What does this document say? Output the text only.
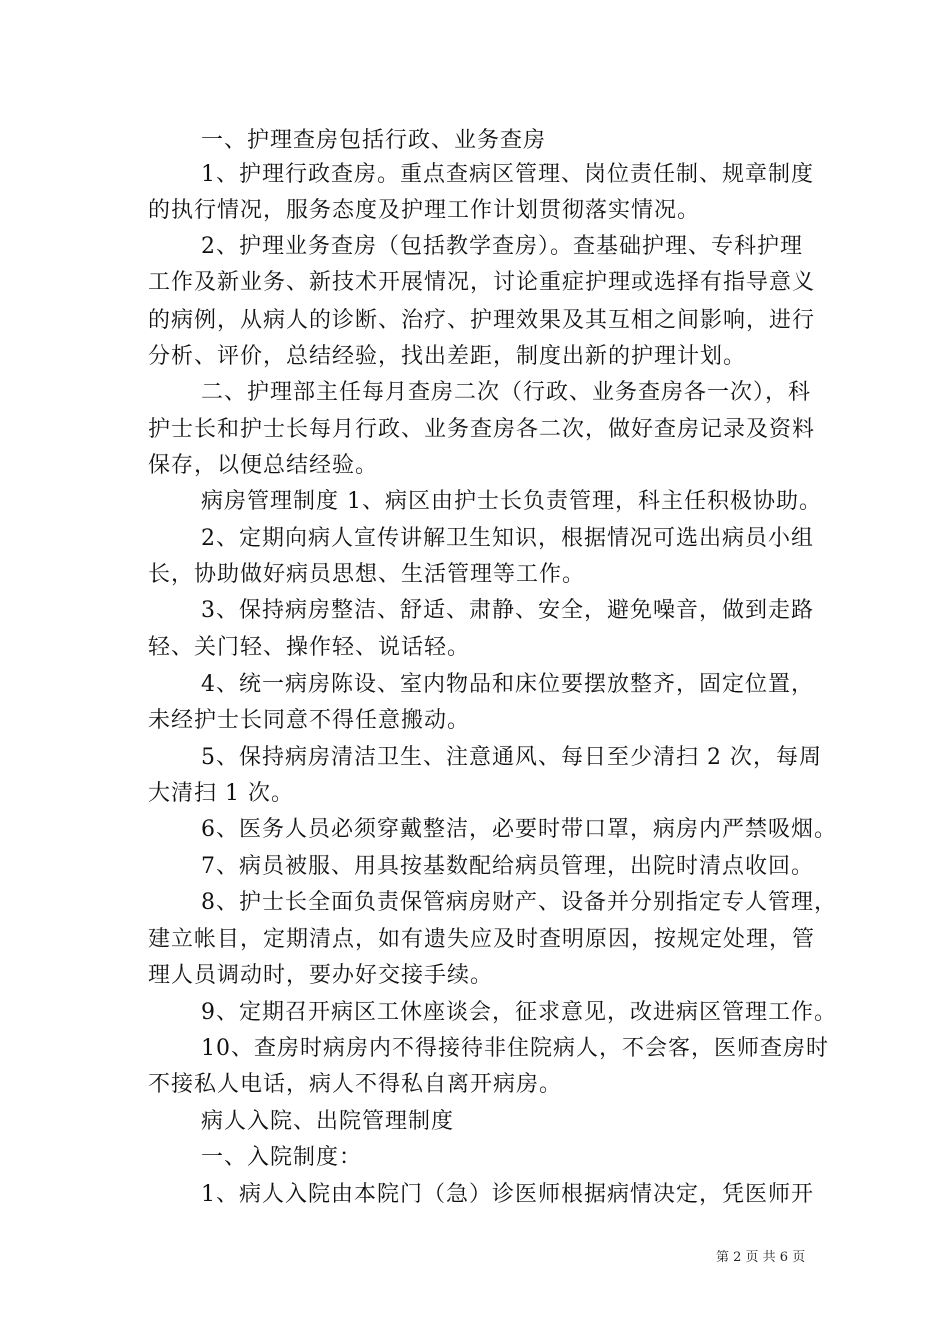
一、护理查房包括行政、业务查房
1、护理行政查房。重点查病区管理、岗位责任制、规章制度
的执行情况，服务态度及护理工作计划贯彻落实情况。
2、护理业务查房（包括教学查房）。查基础护理、专科护理
工作及新业务、新技术开展情况，讨论重症护理或选择有指导意义
的病例，从病人的诊断、治疗、护理效果及其互相之间影响，进行
分析、评价，总结经验，找出差距，制度出新的护理计划。
二、护理部主任每月查房二次（行政、业务查房各一次），科
护士长和护士长每月行政、业务查房各二次，做好查房记录及资料
保存，以便总结经验。
病房管理制度 1、病区由护士长负责管理，科主任积极协助。
2、定期向病人宣传讲解卫生知识，根据情况可选出病员小组
长，协助做好病员思想、生活管理等工作。
3、保持病房整洁、舒适、肃静、安全，避免噪音，做到走路
轻、关门轻、操作轻、说话轻。
4、统一病房陈设、室内物品和床位要摆放整齐，固定位置，
未经护士长同意不得任意搬动。
5、保持病房清洁卫生、注意通风、每日至少清扫 2 次，每周
大清扫 1 次。
6、医务人员必须穿戴整洁，必要时带口罩，病房内严禁吸烟。
7、病员被服、用具按基数配给病员管理，出院时清点收回。
8、护士长全面负责保管病房财产、设备并分别指定专人管理，
建立帐目，定期清点，如有遗失应及时查明原因，按规定处理，管
理人员调动时，要办好交接手续。
9、定期召开病区工休座谈会，征求意见，改进病区管理工作。
10、查房时病房内不得接待非住院病人，不会客，医师查房时
不接私人电话，病人不得私自离开病房。
病人入院、出院管理制度
一、入院制度：
1、病人入院由本院门（急）诊医师根据病情决定，凭医师开
第 2 页 共 6 页
